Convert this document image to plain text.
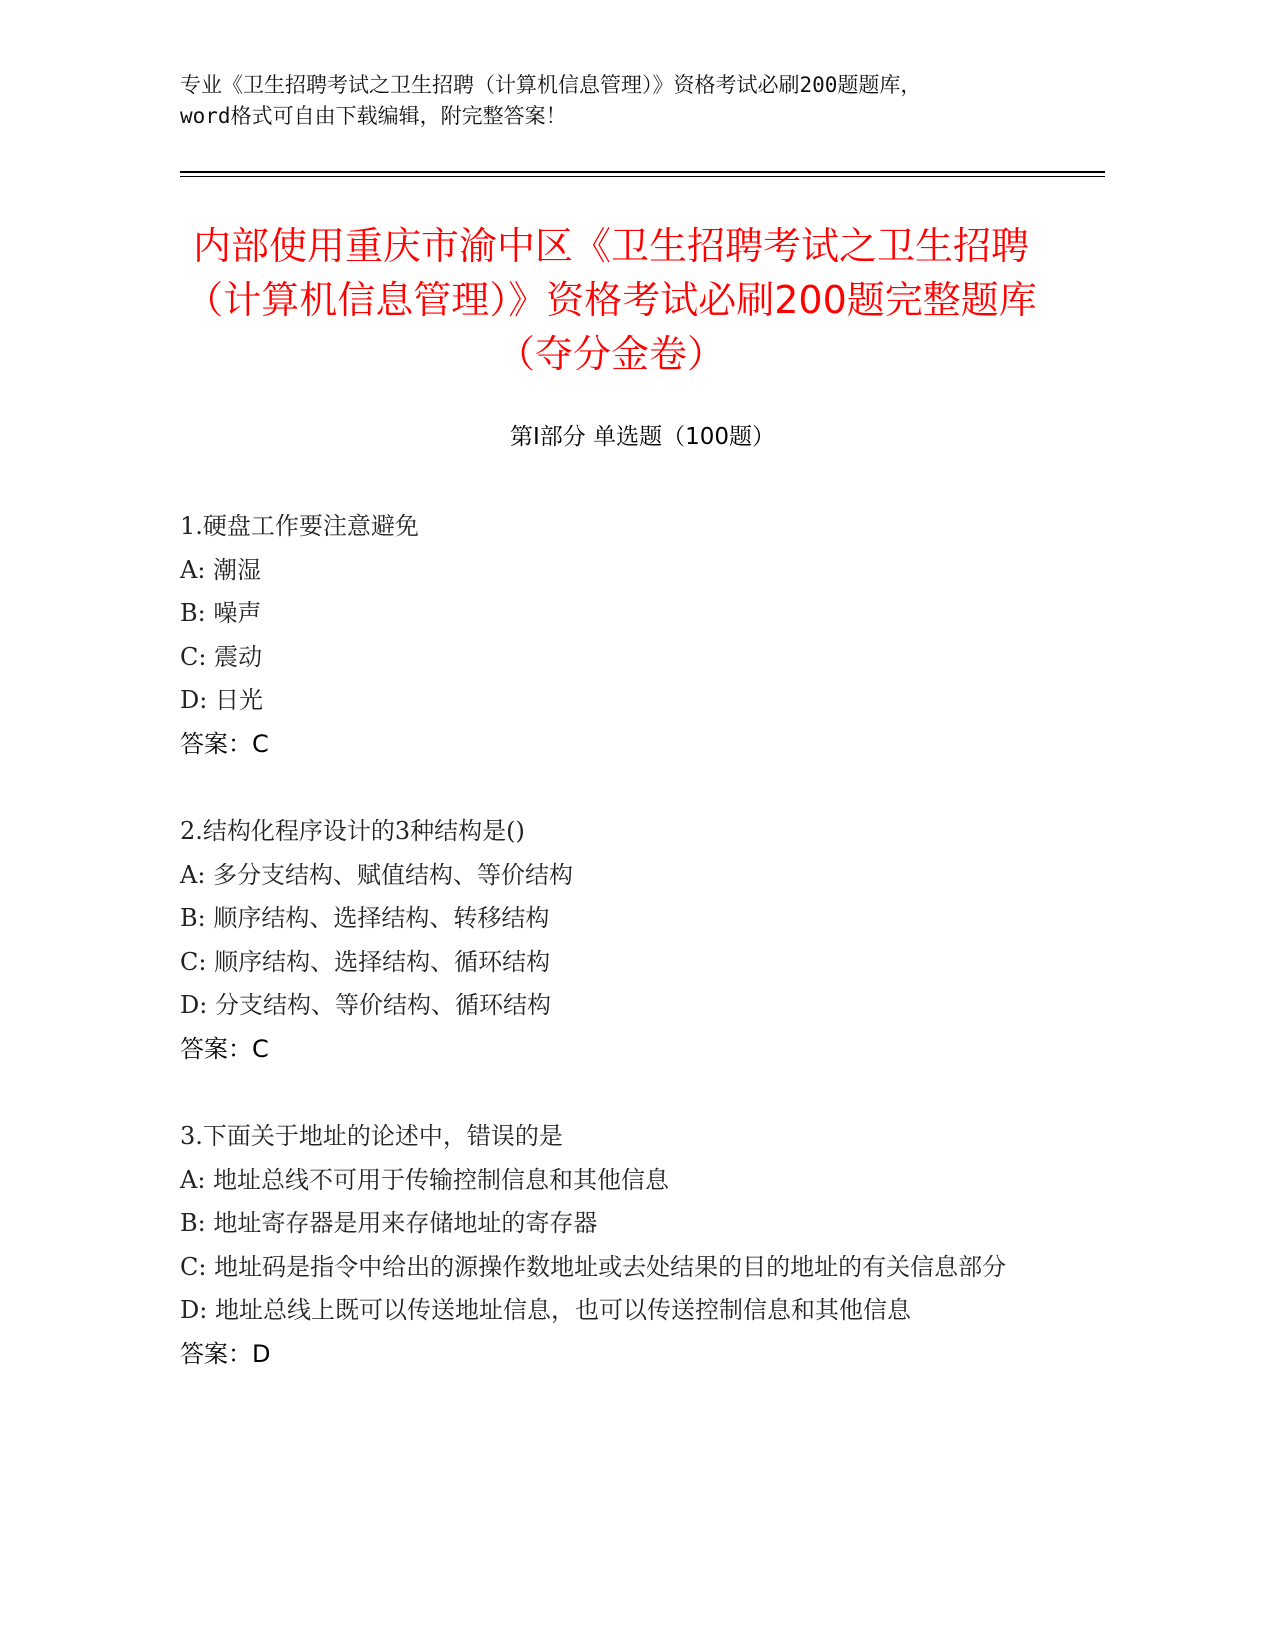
专业《卫生招聘考试之卫生招聘（计算机信息管理）》资格考试必刷200题题库，
word格式可自由下载编辑，附完整答案！
内部使用重庆市渝中区《卫生招聘考试之卫生招聘（计算机信息管理）》资格考试必刷200题完整题库（夺分金卷）
第Ⅰ部分 单选题（100题）
1.硬盘工作要注意避免
A: 潮湿
B: 噪声
C: 震动
D: 日光
答案：C
2.结构化程序设计的3种结构是()
A: 多分支结构、赋值结构、等价结构
B: 顺序结构、选择结构、转移结构
C: 顺序结构、选择结构、循环结构
D: 分支结构、等价结构、循环结构
答案：C
3.下面关于地址的论述中，错误的是
A: 地址总线不可用于传输控制信息和其他信息
B: 地址寄存器是用来存储地址的寄存器
C: 地址码是指令中给出的源操作数地址或去处结果的目的地址的有关信息部分
D: 地址总线上既可以传送地址信息，也可以传送控制信息和其他信息
答案：D
